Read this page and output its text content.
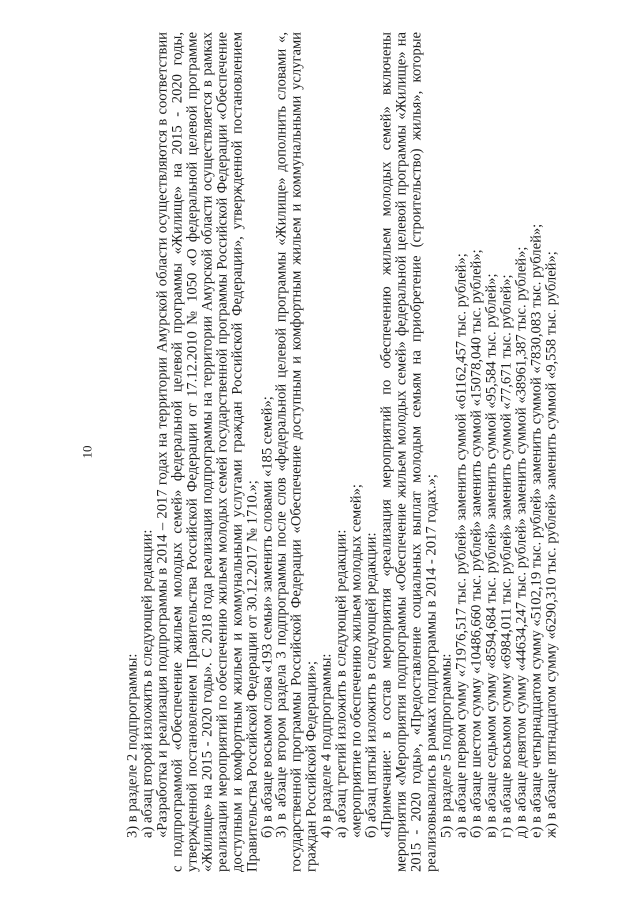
10

3) в разделе 2 подпрограммы:

а) абзац второй изложить в следующей редакции:

«Разработка и реализация подпрограммы в 2014 – 2017 годах на территории Амурской области осуществляются в соответствии с подпрограммой «Обеспечение жильем молодых семей» федеральной целевой программы «Жилище» на 2015 - 2020 годы, утвержденной постановлением Правительства Российской Федерации от 17.12.2010 № 1050 «О федеральной целевой программе «Жилище» на 2015 - 2020 годы». С 2018 года реализация подпрограммы на территории Амурской области осуществляется в рамках реализации мероприятий по обеспечению жильем молодых семей государственной программы Российской Федерации «Обеспечение доступным и комфортным жильем и коммунальными услугами граждан Российской Федерации», утвержденной постановлением Правительства Российской Федерации от 30.12.2017 № 1710.»;

б) в абзаце восьмом слова «193 семьи» заменить словами «185 семей»;

3) в абзаце втором раздела 3 подпрограммы после слов «федеральной целевой программы «Жилище» дополнить словами «, государственной программы Российской Федерации «Обеспечение доступным и комфортным жильем и коммунальными услугами граждан Российской Федерации»;

4) в разделе 4 подпрограммы:

а) абзац третий изложить в следующей редакции:

«мероприятие по обеспечению жильем молодых семей»;

б) абзац пятый изложить в следующей редакции:

«Примечание: в состав мероприятия «реализация мероприятий по обеспечению жильем молодых семей» включены мероприятия «Мероприятия подпрограммы «Обеспечение жильем молодых семей» федеральной целевой программы «Жилище» на 2015 - 2020 годы», «Предоставление социальных выплат молодым семьям на приобретение (строительство) жилья», которые реализовывались в рамках подпрограммы в 2014 - 2017 годах.»;

5) в разделе 5 подпрограммы:

а) в абзаце первом сумму «71976,517 тыс. рублей» заменить суммой «61162,457 тыс. рублей»;

б) в абзаце шестом сумму «10486,660 тыс. рублей» заменить суммой «15078,040 тыс. рублей»;

в) в абзаце седьмом сумму «8594,684 тыс. рублей» заменить суммой «95,584 тыс. рублей»;

г) в абзаце восьмом сумму «6984,011 тыс. рублей» заменить суммой «77,671 тыс. рублей»;

д) в абзаце девятом сумму «44634,247 тыс. рублей» заменить суммой «38961,387 тыс. рублей»;

е) в абзаце четырнадцатом сумму «5102,19 тыс. рублей» заменить суммой «7830,083 тыс. рублей»;

ж) в абзаце пятнадцатом сумму «6290,310 тыс. рублей» заменить суммой «9,558 тыс. рублей»;
